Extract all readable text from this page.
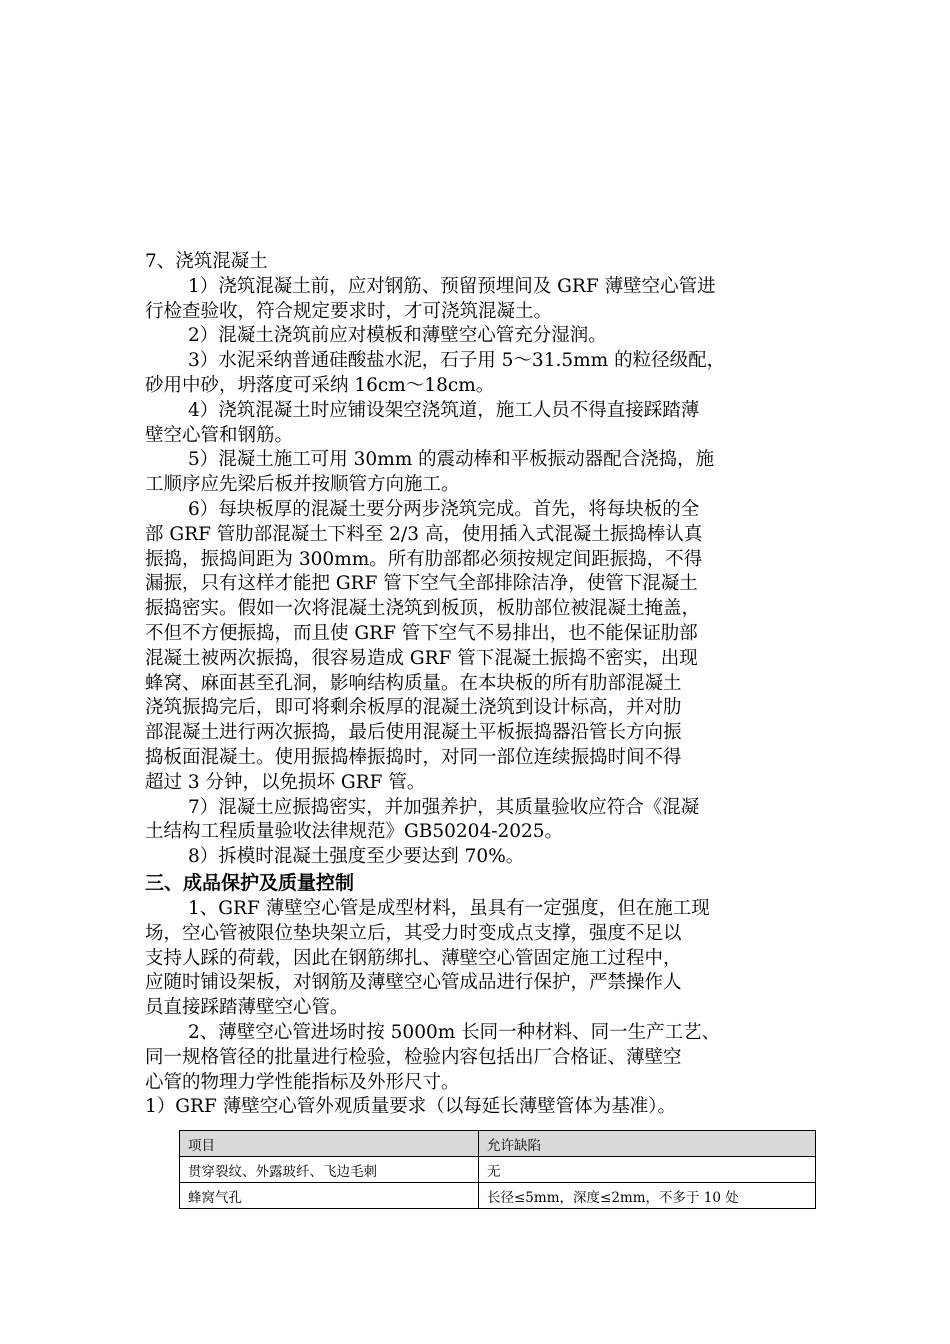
7、浇筑混凝土

1）浇筑混凝土前，应对钢筋、预留预埋间及 GRF 薄壁空心管进

行检查验收，符合规定要求时，才可浇筑混凝土。

2）混凝土浇筑前应对模板和薄壁空心管充分湿润。

3）水泥采纳普通硅酸盐水泥，石子用 5～31.5mm 的粒径级配，

砂用中砂，坍落度可采纳 16cm～18cm。

4）浇筑混凝土时应铺设架空浇筑道，施工人员不得直接踩踏薄

壁空心管和钢筋。

5）混凝土施工可用 30mm 的震动棒和平板振动器配合浇捣，施

工顺序应先梁后板并按顺管方向施工。

6）每块板厚的混凝土要分两步浇筑完成。首先，将每块板的全

部 GRF 管肋部混凝土下料至 2/3 高，使用插入式混凝土振捣棒认真

振捣，振捣间距为 300mm。所有肋部都必须按规定间距振捣，不得

漏振，只有这样才能把 GRF 管下空气全部排除洁净，使管下混凝土

振捣密实。假如一次将混凝土浇筑到板顶，板肋部位被混凝土掩盖，

不但不方便振捣，而且使 GRF 管下空气不易排出，也不能保证肋部

混凝土被两次振捣，很容易造成 GRF 管下混凝土振捣不密实，出现

蜂窝、麻面甚至孔洞，影响结构质量。在本块板的所有肋部混凝土

浇筑振捣完后，即可将剩余板厚的混凝土浇筑到设计标高，并对肋

部混凝土进行两次振捣，最后使用混凝土平板振捣器沿管长方向振

捣板面混凝土。使用振捣棒振捣时，对同一部位连续振捣时间不得

超过 3 分钟，以免损坏 GRF 管。

7）混凝土应振捣密实，并加强养护，其质量验收应符合《混凝

土结构工程质量验收法律规范》GB50204-2025。

8）拆模时混凝土强度至少要达到 70%。

三、成品保护及质量控制

1、GRF 薄壁空心管是成型材料，虽具有一定强度，但在施工现

场，空心管被限位垫块架立后，其受力时变成点支撑，强度不足以

支持人踩的荷载，因此在钢筋绑扎、薄壁空心管固定施工过程中，

应随时铺设架板，对钢筋及薄壁空心管成品进行保护，严禁操作人

员直接踩踏薄壁空心管。

2、薄壁空心管进场时按 5000m 长同一种材料、同一生产工艺、

同一规格管径的批量进行检验，检验内容包括出厂合格证、薄壁空

心管的物理力学性能指标及外形尺寸。

1）GRF 薄壁空心管外观质量要求（以每延长薄壁管体为基准）。

项目	允许缺陷
贯穿裂纹、外露玻纤、飞边毛刺	无
蜂窝气孔	长径≤5mm，深度≤2mm，不多于 10 处
